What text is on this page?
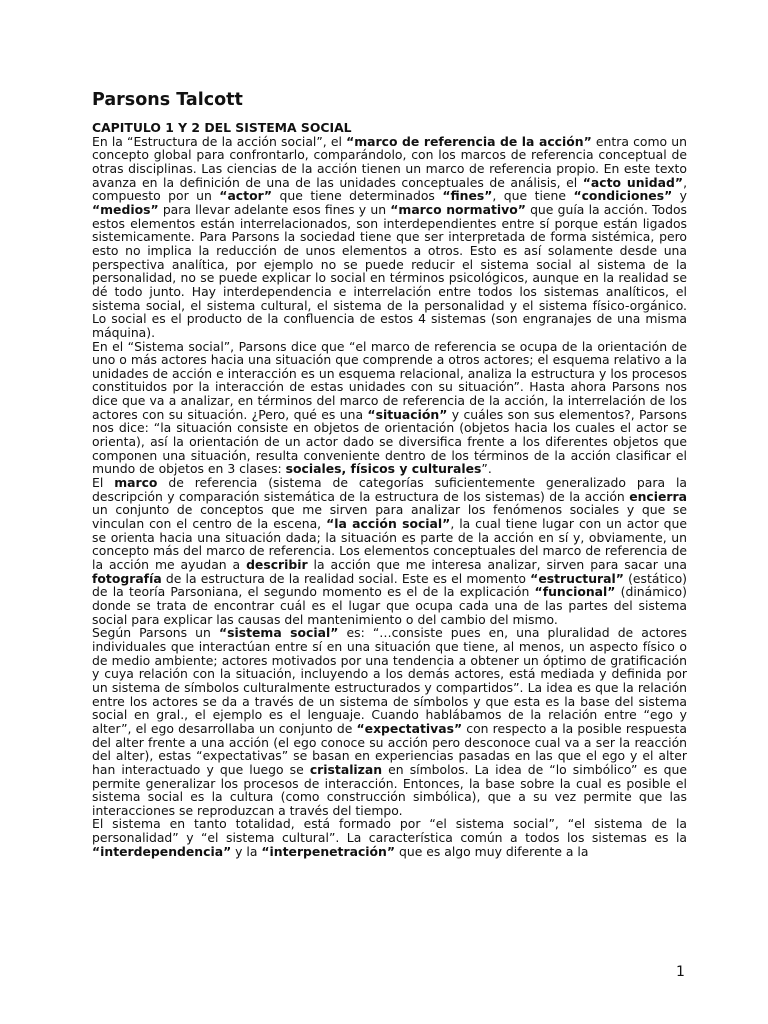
Parsons Talcott
CAPITULO 1 Y 2 DEL SISTEMA SOCIAL

En la “Estructura de la acción social”, el “marco de referencia de la acción” entra como un concepto global para confrontarlo, comparándolo, con los marcos de referencia conceptual de otras disciplinas. Las ciencias de la acción tienen un marco de referencia propio. En este texto avanza en la definición de una de las unidades conceptuales de análisis, el “acto unidad”, compuesto por un “actor” que tiene determinados “fines”, que tiene “condiciones” y “medios” para llevar adelante esos fines y un “marco normativo” que guía la acción. Todos estos elementos están interrelacionados, son interdependientes entre sí porque están ligados sistemicamente. Para Parsons la sociedad tiene que ser interpretada de forma sistémica, pero esto no implica la reducción de unos elementos a otros. Esto es así solamente desde una perspectiva analítica, por ejemplo no se puede reducir el sistema social al sistema de la personalidad, no se puede explicar lo social en términos psicológicos, aunque en la realidad se dé todo junto. Hay interdependencia e interrelación entre todos los sistemas analíticos, el sistema social, el sistema cultural, el sistema de la personalidad y el sistema físico-orgánico. Lo social es el producto de la confluencia de estos 4 sistemas (son engranajes de una misma máquina).

En el “Sistema social”, Parsons dice que “el marco de referencia se ocupa de la orientación de uno o más actores hacia una situación que comprende a otros actores; el esquema relativo a la unidades de acción e interacción es un esquema relacional, analiza la estructura y los procesos constituidos por la interacción de estas unidades con su situación”. Hasta ahora Parsons nos dice que va a analizar, en términos del marco de referencia de la acción, la interrelación de los actores con su situación. ¿Pero, qué es una “situación” y cuáles son sus elementos?, Parsons nos dice: “la situación consiste en objetos de orientación (objetos hacia los cuales el actor se orienta), así la orientación de un actor dado se diversifica frente a los diferentes objetos que componen una situación, resulta conveniente dentro de los términos de la acción clasificar el mundo de objetos en 3 clases: sociales, físicos y culturales”.

El marco de referencia (sistema de categorías suficientemente generalizado para la descripción y comparación sistemática de la estructura de los sistemas) de la acción encierra un conjunto de conceptos que me sirven para analizar los fenómenos sociales y que se vinculan con el centro de la escena, “la acción social”, la cual tiene lugar con un actor que se orienta hacia una situación dada; la situación es parte de la acción en sí y, obviamente, un concepto más del marco de referencia. Los elementos conceptuales del marco de referencia de la acción me ayudan a describir la acción que me interesa analizar, sirven para sacar una fotografía de la estructura de la realidad social. Este es el momento “estructural” (estático) de la teoría Parsoniana, el segundo momento es el de la explicación “funcional” (dinámico) donde se trata de encontrar cuál es el lugar que ocupa cada una de las partes del sistema social para explicar las causas del mantenimiento o del cambio del mismo.

Según Parsons un “sistema social” es: “…consiste pues en, una pluralidad de actores individuales que interactúan entre sí en una situación que tiene, al menos, un aspecto físico o de medio ambiente; actores motivados por una tendencia a obtener un óptimo de gratificación y cuya relación con la situación, incluyendo a los demás actores, está mediada y definida por un sistema de símbolos culturalmente estructurados y compartidos”. La idea es que la relación entre los actores se da a través de un sistema de símbolos y que esta es la base del sistema social en gral., el ejemplo es el lenguaje. Cuando hablábamos de la relación entre “ego y alter”, el ego desarrollaba un conjunto de “expectativas” con respecto a la posible respuesta del alter frente a una acción (el ego conoce su acción pero desconoce cual va a ser la reacción del alter), estas “expectativas” se basan en experiencias pasadas en las que el ego y el alter han interactuado y que luego se cristalizan en símbolos. La idea de “lo simbólico” es que permite generalizar los procesos de interacción. Entonces, la base sobre la cual es posible el sistema social es la cultura (como construcción simbólica), que a su vez permite que las interacciones se reproduzcan a través del tiempo.

El sistema en tanto totalidad, está formado por “el sistema social”, “el sistema de la personalidad” y “el sistema cultural”. La característica común a todos los sistemas es la “interdependencia” y la “interpenetración” que es algo muy diferente a la

1
